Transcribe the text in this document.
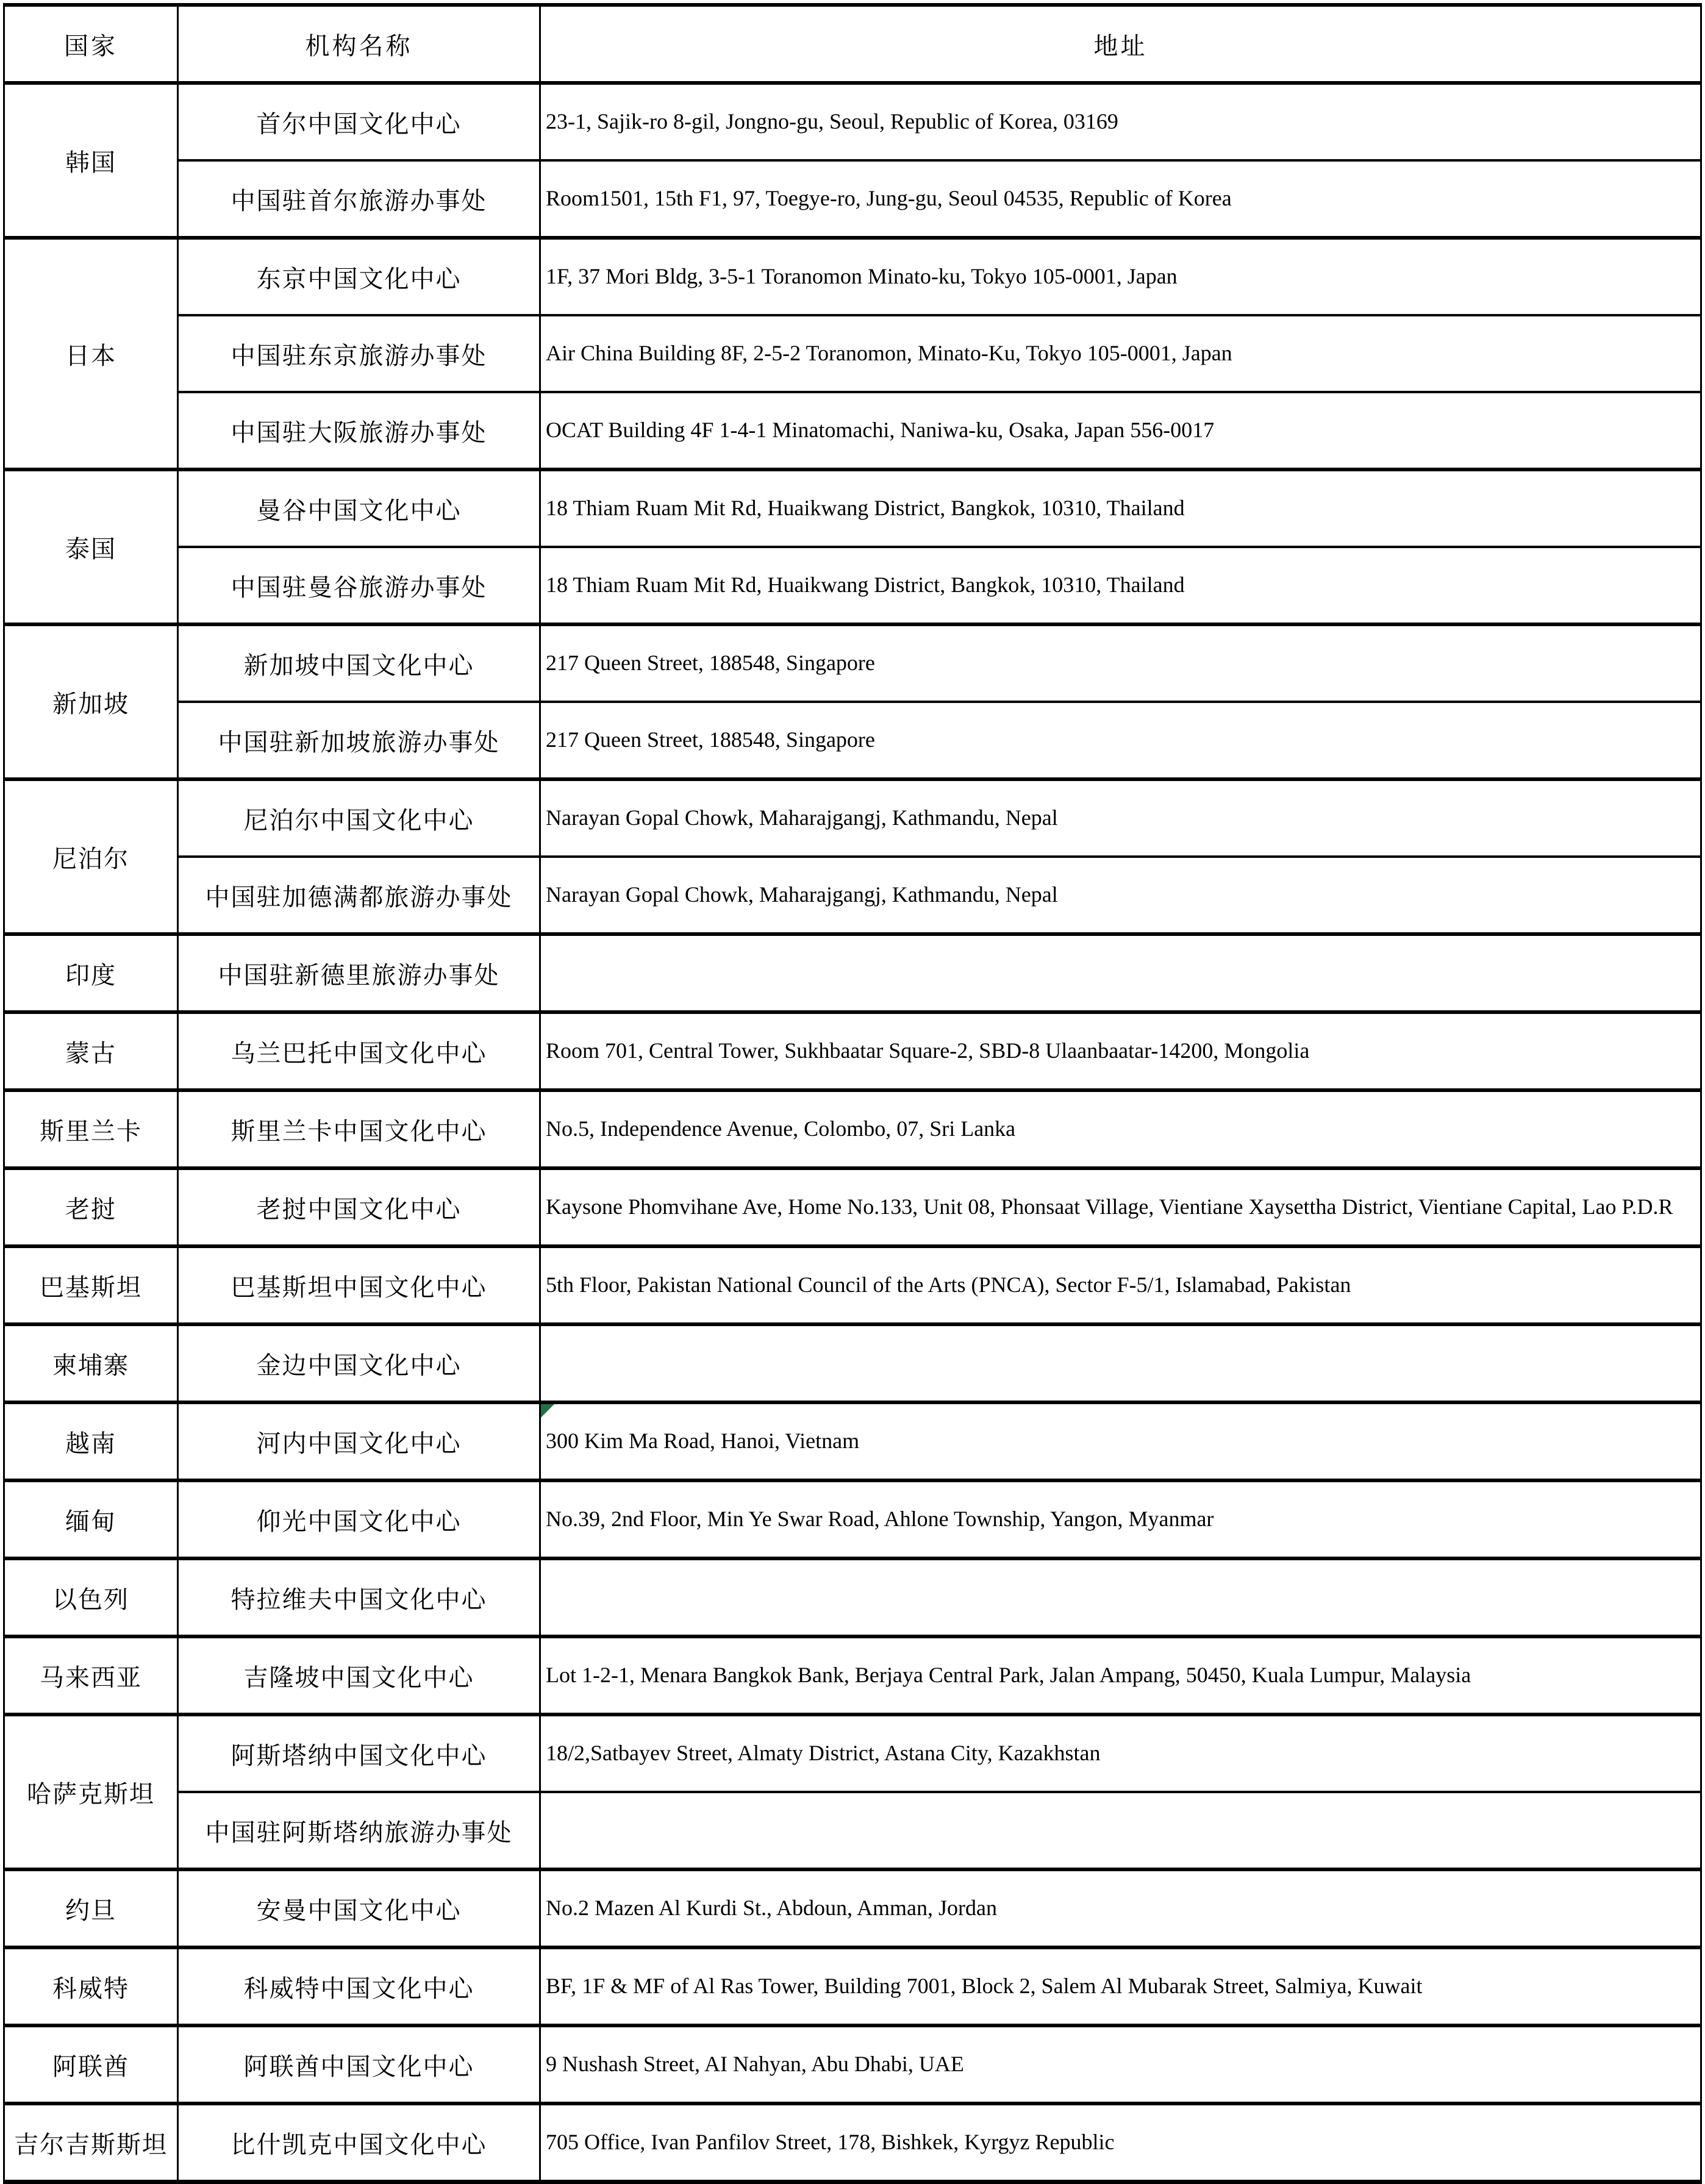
国家	机构名称	地址
韩国	首尔中国文化中心	23-1, Sajik-ro 8-gil, Jongno-gu, Seoul, Republic of Korea, 03169
	中国驻首尔旅游办事处	Room1501, 15th F1, 97, Toegye-ro, Jung-gu, Seoul 04535, Republic of Korea
日本	东京中国文化中心	1F, 37 Mori Bldg, 3-5-1 Toranomon Minato-ku, Tokyo 105-0001, Japan
	中国驻东京旅游办事处	Air China Building 8F, 2-5-2 Toranomon, Minato-Ku, Tokyo 105-0001, Japan
	中国驻大阪旅游办事处	OCAT Building 4F 1-4-1 Minatomachi, Naniwa-ku, Osaka, Japan 556-0017
泰国	曼谷中国文化中心	18 Thiam Ruam Mit Rd, Huaikwang District, Bangkok, 10310, Thailand
	中国驻曼谷旅游办事处	18 Thiam Ruam Mit Rd, Huaikwang District, Bangkok, 10310, Thailand
新加坡	新加坡中国文化中心	217 Queen Street, 188548, Singapore
	中国驻新加坡旅游办事处	217 Queen Street, 188548, Singapore
尼泊尔	尼泊尔中国文化中心	Narayan Gopal Chowk, Maharajgangj, Kathmandu, Nepal
	中国驻加德满都旅游办事处	Narayan Gopal Chowk, Maharajgangj, Kathmandu, Nepal
印度	中国驻新德里旅游办事处	
蒙古	乌兰巴托中国文化中心	Room 701, Central Tower, Sukhbaatar Square-2, SBD-8 Ulaanbaatar-14200, Mongolia
斯里兰卡	斯里兰卡中国文化中心	No.5, Independence Avenue, Colombo, 07, Sri Lanka
老挝	老挝中国文化中心	Kaysone Phomvihane Ave, Home No.133, Unit 08, Phonsaat Village, Vientiane Xaysettha District, Vientiane Capital, Lao P.D.R
巴基斯坦	巴基斯坦中国文化中心	5th Floor, Pakistan National Council of the Arts (PNCA), Sector F-5/1, Islamabad, Pakistan
柬埔寨	金边中国文化中心	
越南	河内中国文化中心	300 Kim Ma Road, Hanoi, Vietnam
缅甸	仰光中国文化中心	No.39, 2nd Floor, Min Ye Swar Road, Ahlone Township, Yangon, Myanmar
以色列	特拉维夫中国文化中心	
马来西亚	吉隆坡中国文化中心	Lot 1-2-1, Menara Bangkok Bank, Berjaya Central Park, Jalan Ampang, 50450, Kuala Lumpur, Malaysia
哈萨克斯坦	阿斯塔纳中国文化中心	18/2,Satbayev Street, Almaty District, Astana City, Kazakhstan
	中国驻阿斯塔纳旅游办事处	
约旦	安曼中国文化中心	No.2 Mazen Al Kurdi St., Abdoun, Amman, Jordan
科威特	科威特中国文化中心	BF, 1F & MF of Al Ras Tower, Building 7001, Block 2, Salem Al Mubarak Street, Salmiya, Kuwait
阿联酋	阿联酋中国文化中心	9 Nushash Street, AI Nahyan, Abu Dhabi, UAE
吉尔吉斯斯坦	比什凯克中国文化中心	705 Office, Ivan Panfilov Street, 178, Bishkek, Kyrgyz Republic
